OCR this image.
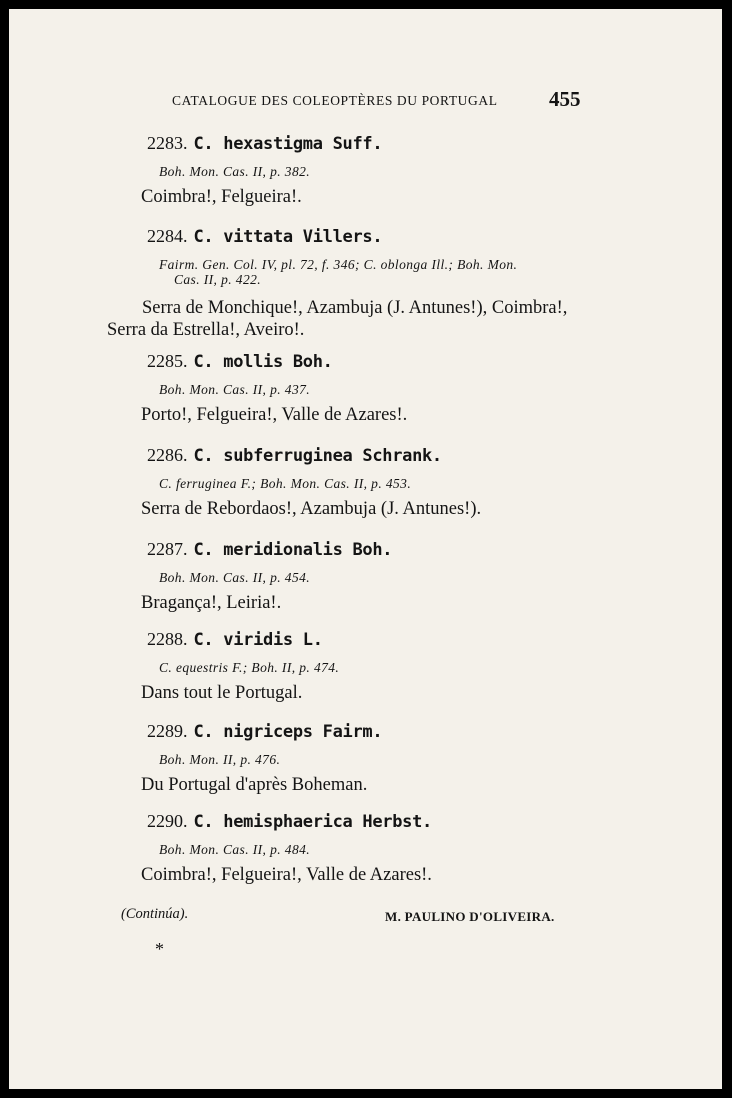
CATALOGUE DES COLEOPTÈRES DU PORTUGAL 455
2283. C. hexastigma Suff.
Boh. Mon. Cas. II, p. 382.
Coimbra!, Felgueira!.
2284. C. vittata Villers.
Fairm. Gen. Col. IV, pl. 72, f. 346; C. oblonga Ill.; Boh. Mon.
Cas. II, p. 422.
Serra de Monchique!, Azambuja (J. Antunes!), Coimbra!, Serra da Estrella!, Aveiro!.
2285. C. mollis Boh.
Boh. Mon. Cas. II, p. 437.
Porto!, Felgueira!, Valle de Azares!.
2286. C. subferruginea Schrank.
C. ferruginea F.; Boh. Mon. Cas. II, p. 453.
Serra de Rebordaos!, Azambuja (J. Antunes!).
2287. C. meridionalis Boh.
Boh. Mon. Cas. II, p. 454.
Bragança!, Leiria!.
2288. C. viridis L.
C. equestris F.; Boh. II, p. 474.
Dans tout le Portugal.
2289. C. nigriceps Fairm.
Boh. Mon. II, p. 476.
Du Portugal d'après Boheman.
2290. C. hemisphaerica Herbst.
Boh. Mon. Cas. II, p. 484.
Coimbra!, Felgueira!, Valle de Azares!.
(Continúa).	M. PAULINO D'OLIVEIRA.
*
